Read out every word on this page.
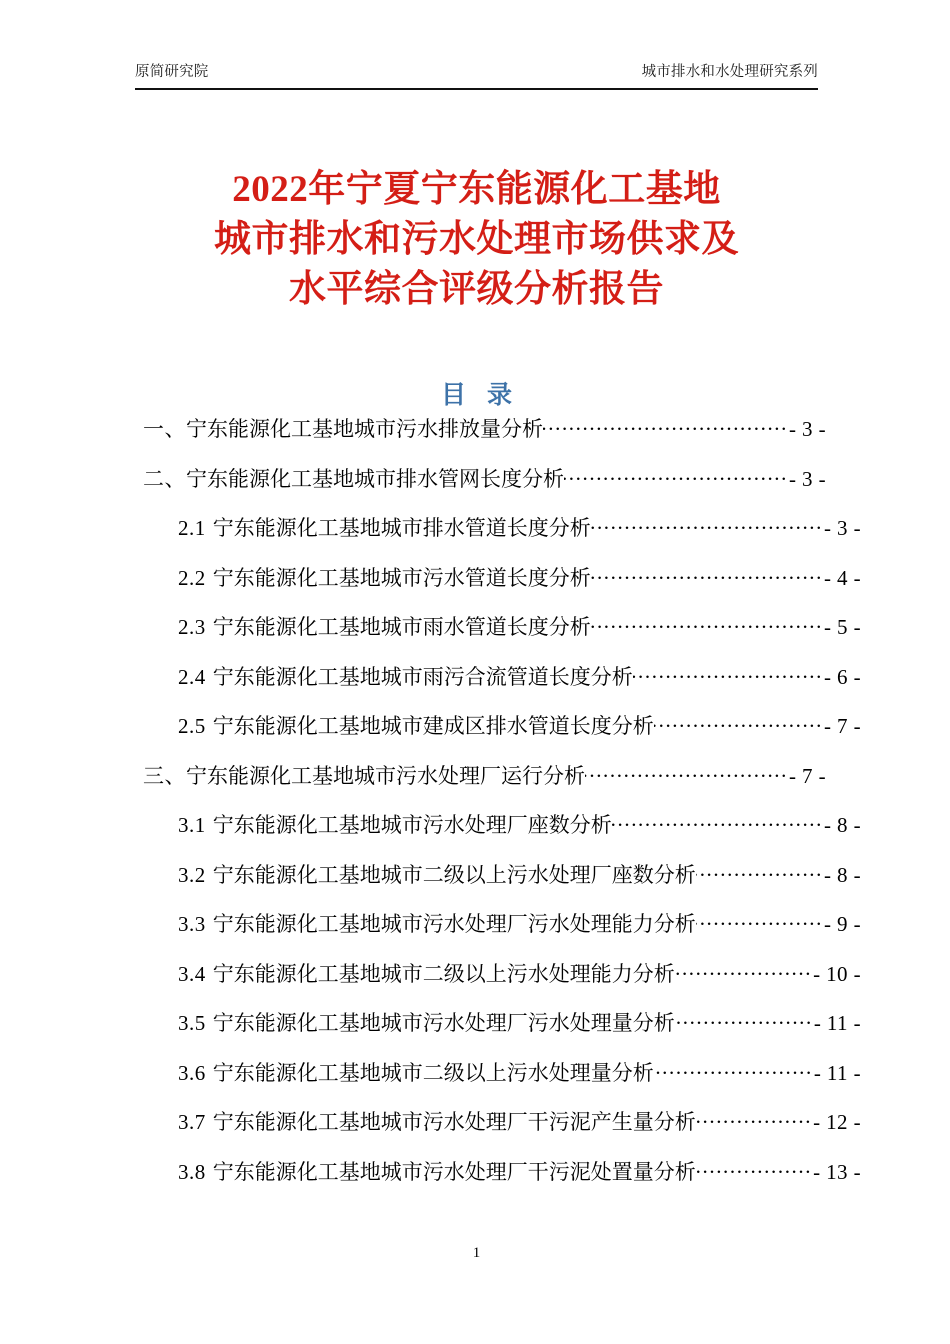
原简研究院	城市排水和水处理研究系列
2022年宁夏宁东能源化工基地
城市排水和污水处理市场供求及
水平综合评级分析报告
目 录
一、 宁东能源化工基地城市污水排放量分析 .....	- 3 -
二、 宁东能源化工基地城市排水管网长度分析 .....	- 3 -
2.1 宁东能源化工基地城市排水管道长度分析 .....	- 3 -
2.2 宁东能源化工基地城市污水管道长度分析 .....	- 4 -
2.3 宁东能源化工基地城市雨水管道长度分析 .....	- 5 -
2.4 宁东能源化工基地城市雨污合流管道长度分析 .....	- 6 -
2.5 宁东能源化工基地城市建成区排水管道长度分析 .....	- 7 -
三、 宁东能源化工基地城市污水处理厂运行分析 .....	- 7 -
3.1 宁东能源化工基地城市污水处理厂座数分析 .....	- 8 -
3.2 宁东能源化工基地城市二级以上污水处理厂座数分析 .....	- 8 -
3.3 宁东能源化工基地城市污水处理厂污水处理能力分析 .....	- 9 -
3.4 宁东能源化工基地城市二级以上污水处理能力分析 .....	- 10 -
3.5 宁东能源化工基地城市污水处理厂污水处理量分析 .....	- 11 -
3.6 宁东能源化工基地城市二级以上污水处理量分析 .....	- 11 -
3.7 宁东能源化工基地城市污水处理厂干污泥产生量分析 .....	- 12 -
3.8 宁东能源化工基地城市污水处理厂干污泥处置量分析 .....	- 13 -
1
